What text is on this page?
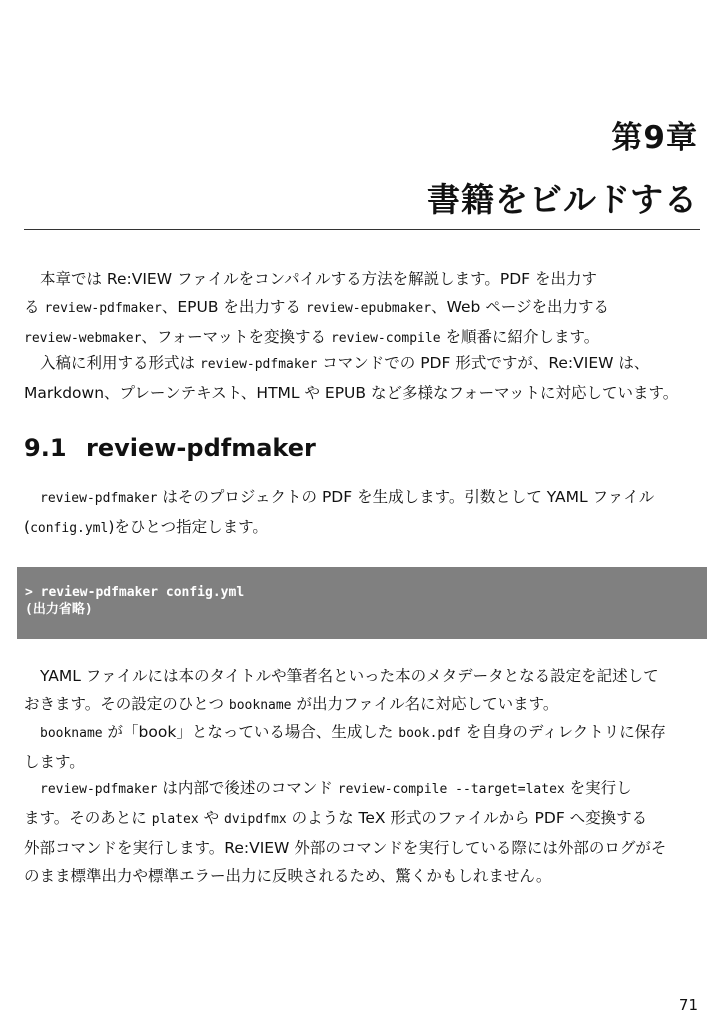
第9章
書籍をビルドする

本章では Re:VIEW ファイルをコンパイルする方法を解説します。PDF を出力す
る review-pdfmaker、EPUB を出力する review-epubmaker、Web ページを出力する
review-webmaker、フォーマットを変換する review-compile を順番に紹介します。

入稿に利用する形式は review-pdfmaker コマンドでの PDF 形式ですが、Re:VIEW は、
Markdown、プレーンテキスト、HTML や EPUB など多様なフォーマットに対応しています。

9.1 review-pdfmaker

review-pdfmaker はそのプロジェクトの PDF を生成します。引数として YAML ファイル
(config.yml)をひとつ指定します。

> review-pdfmaker config.yml
(出力省略)

YAML ファイルには本のタイトルや筆者名といった本のメタデータとなる設定を記述して
おきます。その設定のひとつ bookname が出力ファイル名に対応しています。

bookname が「book」となっている場合、生成した book.pdf を自身のディレクトリに保存
します。

review-pdfmaker は内部で後述のコマンド review-compile --target=latex を実行し
ます。そのあとに platex や dvipdfmx のような TeX 形式のファイルから PDF へ変換する
外部コマンドを実行します。Re:VIEW 外部のコマンドを実行している際には外部のログがそ
のまま標準出力や標準エラー出力に反映されるため、驚くかもしれません。

71
